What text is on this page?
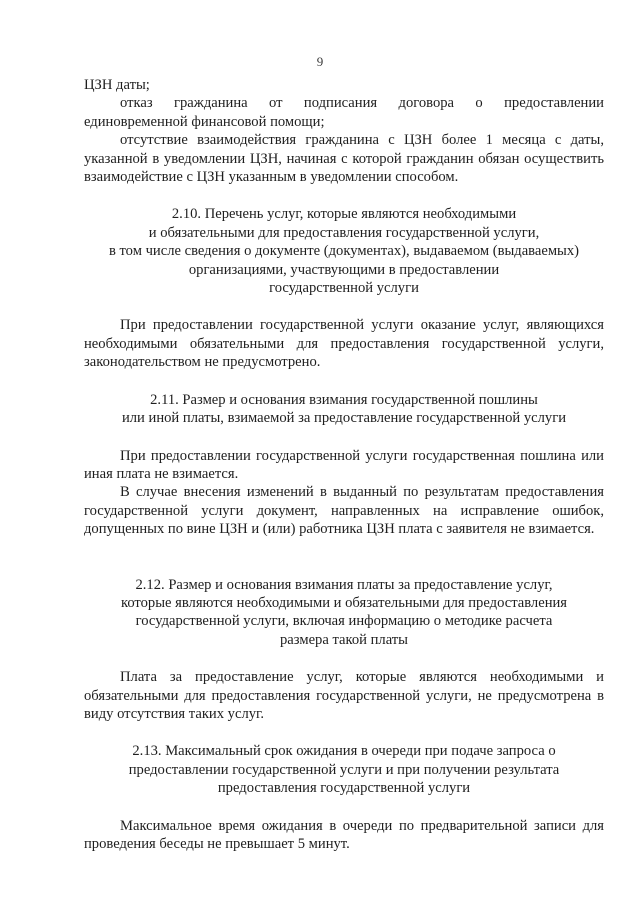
9

ЦЗН даты;

отказ гражданина от подписания договора о предоставлении единовременной финансовой помощи;

отсутствие взаимодействия гражданина с ЦЗН более 1 месяца с даты, указанной в уведомлении ЦЗН, начиная с которой гражданин обязан осуществить взаимодействие с ЦЗН указанным в уведомлении способом.

2.10. Перечень услуг, которые являются необходимыми
и обязательными для предоставления государственной услуги,
в том числе сведения о документе (документах), выдаваемом (выдаваемых)
организациями, участвующими в предоставлении
государственной услуги

При предоставлении государственной услуги оказание услуг, являющихся необходимыми обязательными для предоставления государственной услуги, законодательством не предусмотрено.

2.11. Размер и основания взимания государственной пошлины
или иной платы, взимаемой за предоставление государственной услуги

При предоставлении государственной услуги государственная пошлина или иная плата не взимается.

В случае внесения изменений в выданный по результатам предоставления государственной услуги документ, направленных на исправление ошибок, допущенных по вине ЦЗН и (или) работника ЦЗН плата с заявителя не взимается.

2.12. Размер и основания взимания платы за предоставление услуг,
которые являются необходимыми и обязательными для предоставления
государственной услуги, включая информацию о методике расчета
размера такой платы

Плата за предоставление услуг, которые являются необходимыми и обязательными для предоставления государственной услуги, не предусмотрена в виду отсутствия таких услуг.

2.13. Максимальный срок ожидания в очереди при подаче запроса о
предоставлении государственной услуги и при получении результата
предоставления государственной услуги

Максимальное время ожидания в очереди по предварительной записи для проведения беседы не превышает 5 минут.
